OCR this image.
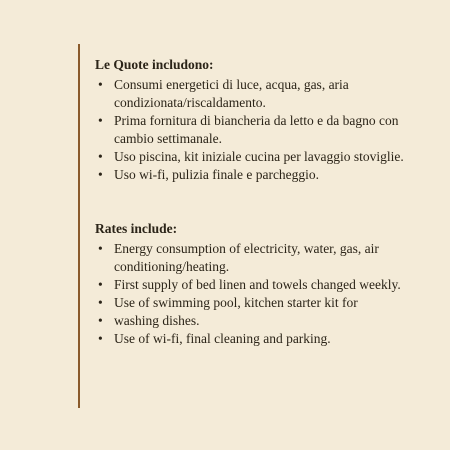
Le Quote includono:
• Consumi energetici di luce, acqua, gas, aria condizionata/riscaldamento.
• Prima fornitura di biancheria da letto e da bagno con cambio settimanale.
• Uso piscina, kit iniziale cucina per lavaggio stoviglie.
• Uso wi-fi, pulizia finale e parcheggio.
Rates include:
• Energy consumption of electricity, water, gas, air conditioning/heating.
• First supply of bed linen and towels changed weekly.
• Use of swimming pool, kitchen starter kit for
• washing dishes.
• Use of wi-fi, final cleaning and parking.
